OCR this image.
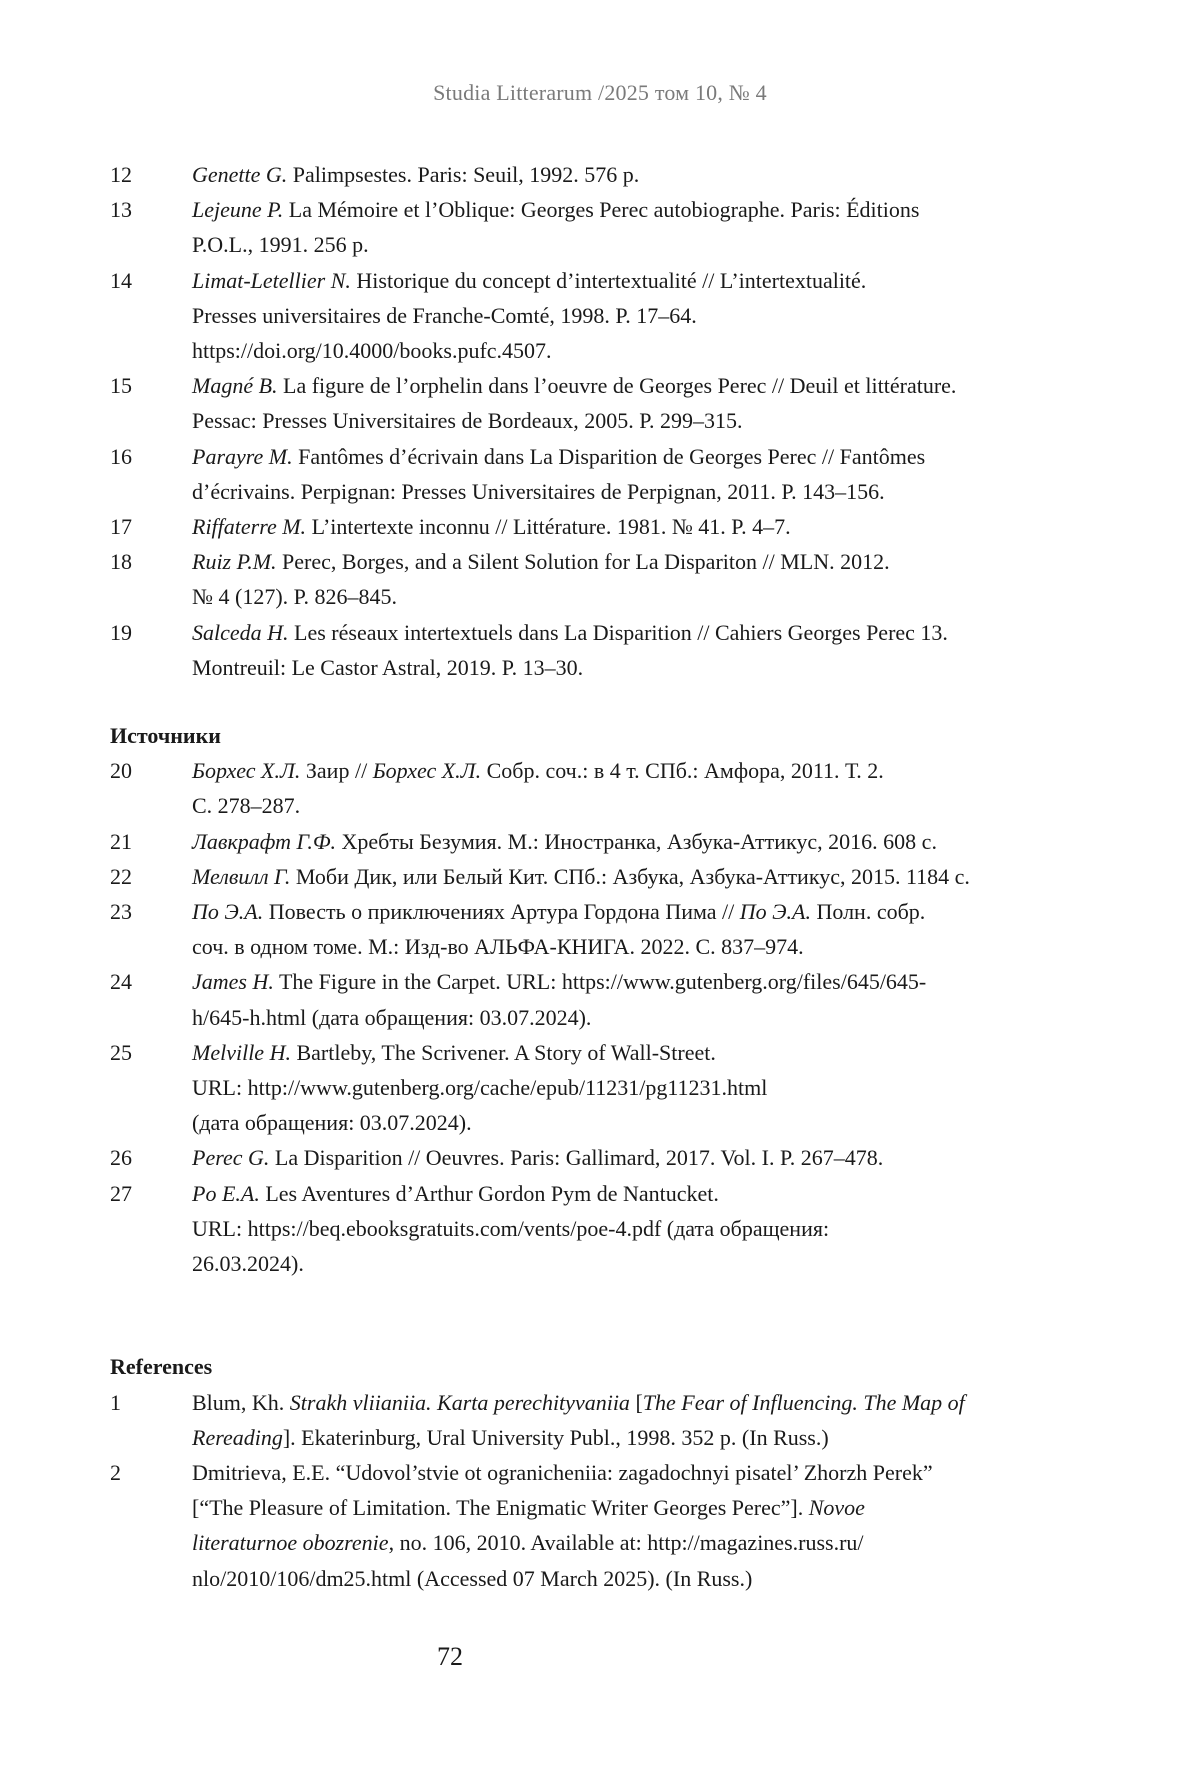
Studia Litterarum /2025 том 10, № 4
12	Genette G. Palimpsestes. Paris: Seuil, 1992. 576 p.
13	Lejeune P. La Mémoire et l’Oblique: Georges Perec autobiographe. Paris: Éditions
P.O.L., 1991. 256 p.
14	Limat-Letellier N. Historique du concept d’intertextualité // L’intertextualité.
Presses universitaires de Franche-Comté, 1998. P. 17–64.
https://doi.org/10.4000/books.pufc.4507.
15	Magné B. La figure de l’orphelin dans l’oeuvre de Georges Perec // Deuil et littérature.
Pessac: Presses Universitaires de Bordeaux, 2005. P. 299–315.
16	Parayre M. Fantômes d’écrivain dans La Disparition de Georges Perec // Fantômes
d’écrivains. Perpignan: Presses Universitaires de Perpignan, 2011. P. 143–156.
17	Riffaterre M. L’intertexte inconnu // Littérature. 1981. № 41. P. 4–7.
18	Ruiz P.M. Perec, Borges, and a Silent Solution for La Dispariton // MLN. 2012.
№ 4 (127). P. 826–845.
19	Salceda H. Les réseaux intertextuels dans La Disparition // Cahiers Georges Perec 13.
Montreuil: Le Castor Astral, 2019. P. 13–30.
Источники
20	Борхес Х.Л. Заир // Борхес Х.Л. Собр. соч.: в 4 т. СПб.: Амфора, 2011. Т. 2.
С. 278–287.
21	Лавкрафт Г.Ф. Хребты Безумия. М.: Иностранка, Азбука-Аттикус, 2016. 608 с.
22	Мелвилл Г. Моби Дик, или Белый Кит. СПб.: Азбука, Азбука-Аттикус, 2015. 1184 с.
23	По Э.А. Повесть о приключениях Артура Гордона Пима // По Э.А. Полн. собр.
соч. в одном томе. М.: Изд-во АЛЬФА-КНИГА. 2022. С. 837–974.
24	James H. The Figure in the Carpet. URL: https://www.gutenberg.org/files/645/645-
h/645-h.html (дата обращения: 03.07.2024).
25	Melville H. Bartleby, The Scrivener. A Story of Wall-Street.
URL: http://www.gutenberg.org/cache/epub/11231/pg11231.html
(дата обращения: 03.07.2024).
26	Perec G. La Disparition // Oeuvres. Paris: Gallimard, 2017. Vol. I. P. 267–478.
27	Po E.A. Les Aventures d’Arthur Gordon Pym de Nantucket.
URL: https://beq.ebooksgratuits.com/vents/poe-4.pdf (дата обращения:
26.03.2024).
References
1	Blum, Kh. Strakh vliianiia. Karta perechityvaniia [The Fear of Influencing. The Map of
Rereading]. Ekaterinburg, Ural University Publ., 1998. 352 p. (In Russ.)
2	Dmitrieva, E.E. “Udovol’stvie ot ogranicheniia: zagadochnyi pisatel’ Zhorzh Perek”
[“The Pleasure of Limitation. The Enigmatic Writer Georges Perec”]. Novoe
literaturnoe obozrenie, no. 106, 2010. Available at: http://magazines.russ.ru/
nlo/2010/106/dm25.html (Accessed 07 March 2025). (In Russ.)
72
